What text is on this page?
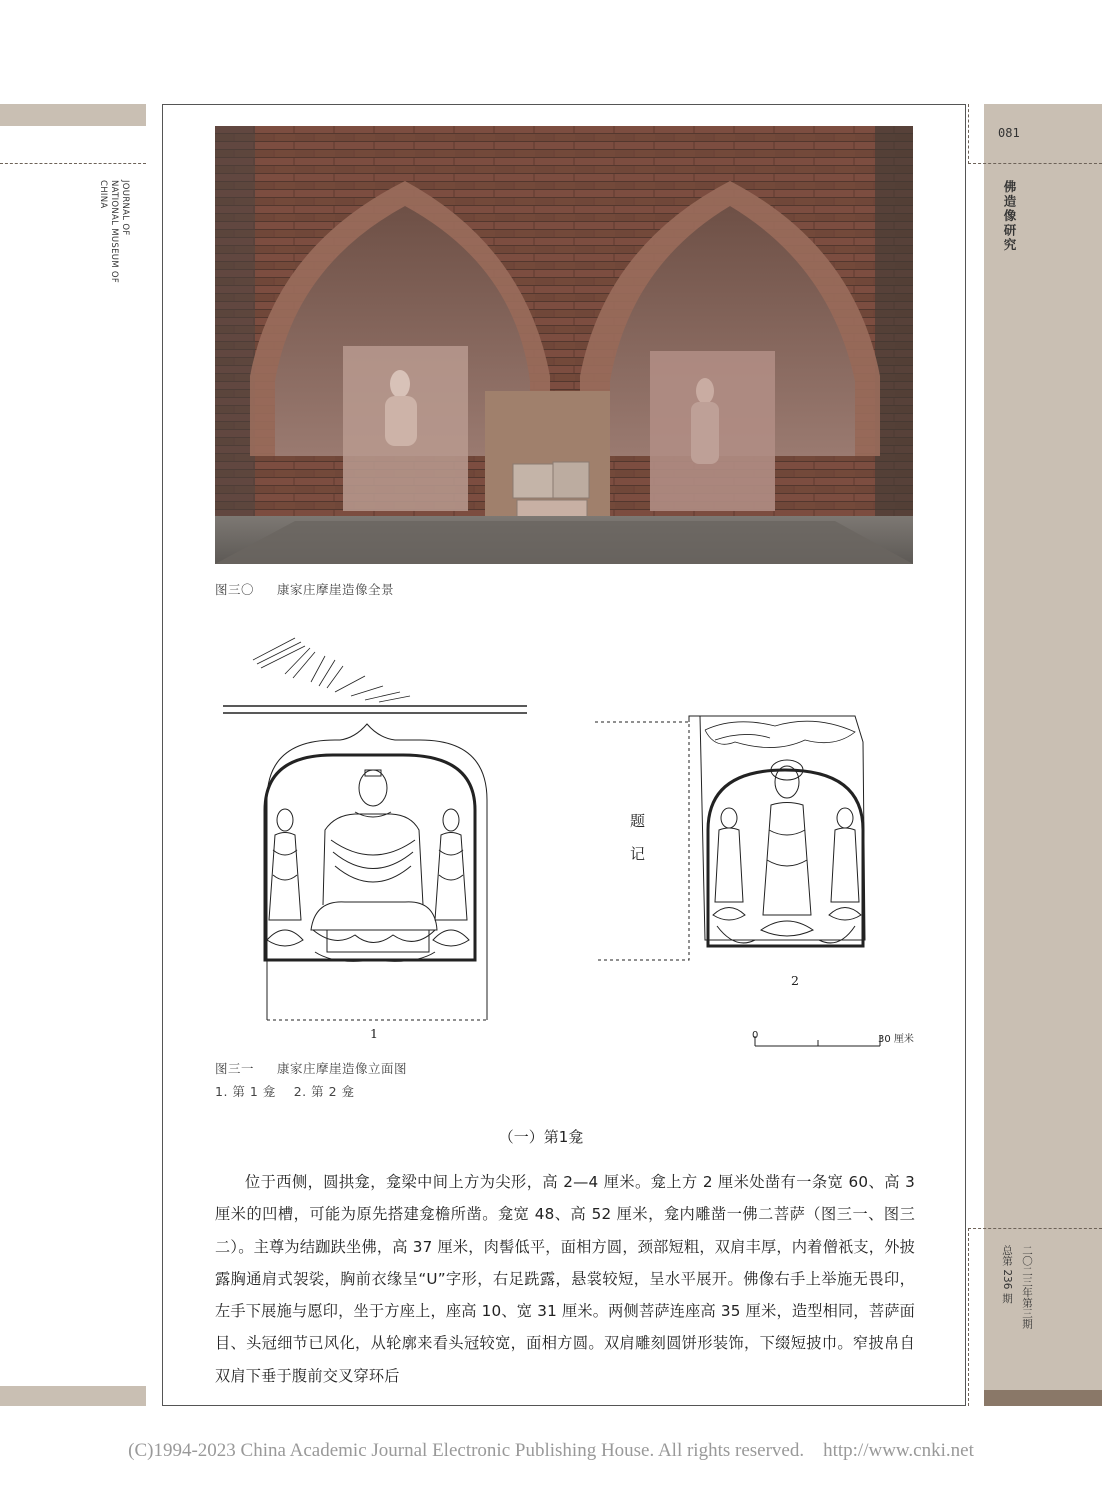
JOURNAL OF
NATIONAL MUSEUM OF
CHINA
081
佛造像研究
总第 236 期 二〇二三年第三期
图三〇 康家庄摩崖造像全景
题
记
1
2
0	30 厘米
图三一 康家庄摩崖造像立面图
1. 第 1 龛    2. 第 2 龛
（一）第1龛
位于西侧，圆拱龛，龛梁中间上方为尖形，高 2—4 厘米。龛上方 2 厘米处凿有一条宽 60、高 3 厘米的凹槽，可能为原先搭建龛檐所凿。龛宽 48、高 52 厘米，龛内雕凿一佛二菩萨（图三一、图三二）。主尊为结跏趺坐佛，高 37 厘米，肉髻低平，面相方圆，颈部短粗，双肩丰厚，内着僧祇支，外披露胸通肩式袈裟，胸前衣缘呈“U”字形，右足跣露，悬裳较短，呈水平展开。佛像右手上举施无畏印，左手下展施与愿印，坐于方座上，座高 10、宽 31 厘米。两侧菩萨连座高 35 厘米，造型相同，菩萨面目、头冠细节已风化，从轮廓来看头冠较宽，面相方圆。双肩雕刻圆饼形装饰，下缀短披巾。窄披帛自双肩下垂于腹前交叉穿环后
(C)1994-2023 China Academic Journal Electronic Publishing House. All rights reserved.    http://www.cnki.net
